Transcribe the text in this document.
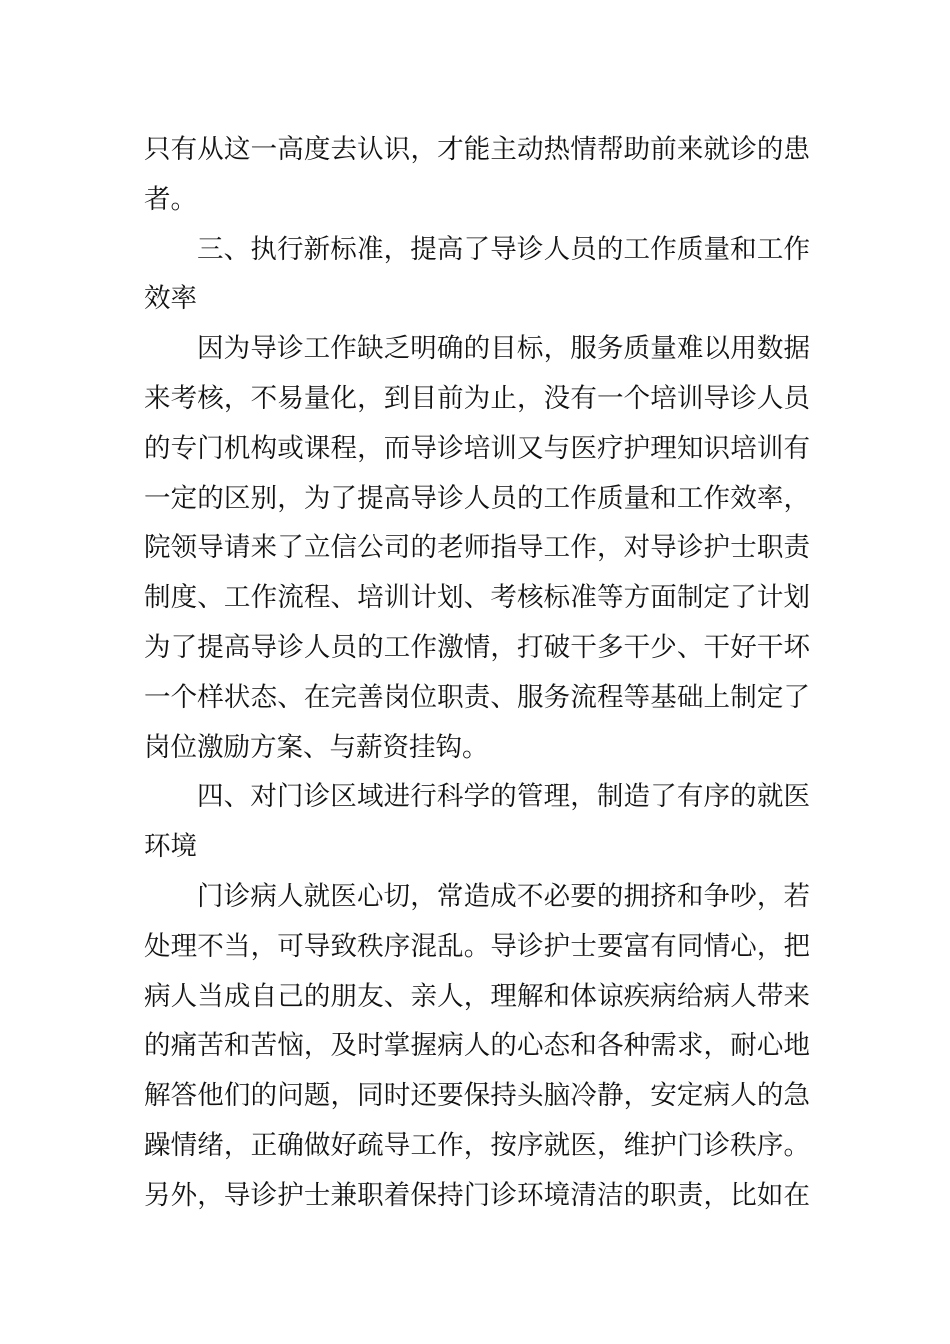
只有从这一高度去认识，才能主动热情帮助前来就诊的患
者。
三、执行新标准，提高了导诊人员的工作质量和工作
效率
因为导诊工作缺乏明确的目标，服务质量难以用数据
来考核，不易量化，到目前为止，没有一个培训导诊人员
的专门机构或课程，而导诊培训又与医疗护理知识培训有
一定的区别，为了提高导诊人员的工作质量和工作效率，
院领导请来了立信公司的老师指导工作，对导诊护士职责
制度、工作流程、培训计划、考核标准等方面制定了计划
为了提高导诊人员的工作激情，打破干多干少、干好干坏
一个样状态、在完善岗位职责、服务流程等基础上制定了
岗位激励方案、与薪资挂钩。
四、对门诊区域进行科学的管理，制造了有序的就医
环境
门诊病人就医心切，常造成不必要的拥挤和争吵，若
处理不当，可导致秩序混乱。导诊护士要富有同情心，把
病人当成自己的朋友、亲人，理解和体谅疾病给病人带来
的痛苦和苦恼，及时掌握病人的心态和各种需求，耐心地
解答他们的问题，同时还要保持头脑冷静，安定病人的急
躁情绪，正确做好疏导工作，按序就医，维护门诊秩序。
另外，导诊护士兼职着保持门诊环境清洁的职责，比如在
